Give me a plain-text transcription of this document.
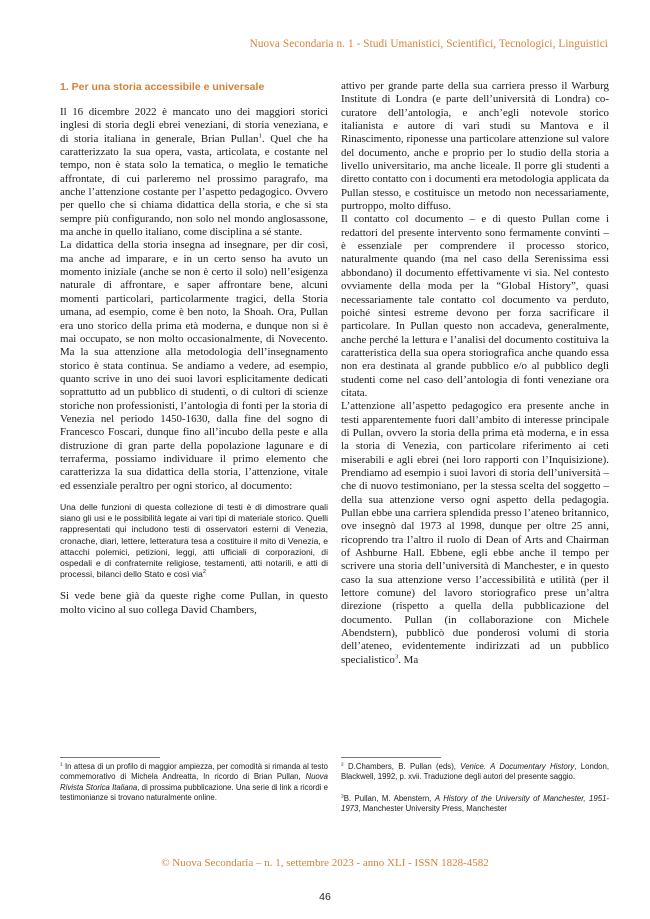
Nuova Secondaria n. 1 - Studi Umanistici, Scientifici, Tecnologici, Linguistici
1. Per una storia accessibile e universale

Il 16 dicembre 2022 è mancato uno dei maggiori storici inglesi di storia degli ebrei veneziani, di storia veneziana, e di storia italiana in generale, Brian Pullan$^1$. Quel che ha caratterizzato la sua opera, vasta, articolata, e costante nel tempo, non è stata solo la tematica, o meglio le tematiche affrontate, di cui parleremo nel prossimo paragrafo, ma anche l’attenzione costante per l’aspetto pedagogico. Ovvero per quello che si chiama didattica della storia, e che si sta sempre più configurando, non solo nel mondo anglosassone, ma anche in quello italiano, come disciplina a sé stante.

La didattica della storia insegna ad insegnare, per dir così, ma anche ad imparare, e in un certo senso ha avuto un momento iniziale (anche se non è certo il solo) nell’esigenza naturale di affrontare, e saper affrontare bene, alcuni momenti particolari, particolarmente tragici, della Storia umana, ad esempio, come è ben noto, la Shoah. Ora, Pullan era uno storico della prima età moderna, e dunque non si è mai occupato, se non molto occasionalmente, di Novecento. Ma la sua attenzione alla metodologia dell’insegnamento storico è stata continua. Se andiamo a vedere, ad esempio, quanto scrive in uno dei suoi lavori esplicitamente dedicati soprattutto ad un pubblico di studenti, o di cultori di scienze storiche non professionisti, l’antologia di fonti per la storia di Venezia nel periodo 1450-1630, dalla fine del sogno di Francesco Foscari, dunque fino all’incubo della peste e alla distruzione di gran parte della popolazione lagunare e di terraferma, possiamo individuare il primo elemento che caratterizza la sua didattica della storia, l’attenzione, vitale ed essenziale peraltro per ogni storico, al documento:

Una delle funzioni di questa collezione di testi è di dimostrare quali siano gli usi e le possibilità legate ai vari tipi di materiale storico. Quelli rappresentati qui includono testi di osservatori esterni di Venezia, cronache, diari, lettere, letteratura tesa a costituire il mito di Venezia, e attacchi polemici, petizioni, leggi, atti ufficiali di corporazioni, di ospedali e di confraternite religiose, testamenti, atti notarili, e atti di processi, bilanci dello Stato e così via$^2$

Si vede bene già da queste righe come Pullan, in questo molto vicino al suo collega David Chambers,

attivo per grande parte della sua carriera presso il Warburg Institute di Londra (e parte dell’università di Londra) co-curatore dell’antologia, e anch’egli notevole storico italianista e autore di vari studi su Mantova e il Rinascimento, riponesse una particolare attenzione sul valore del documento, anche e proprio per lo studio della storia a livello universitario, ma anche liceale. Il porre gli studenti a diretto contatto con i documenti era metodologia applicata da Pullan stesso, e costituisce un metodo non necessariamente, purtroppo, molto diffuso.

Il contatto col documento – e di questo Pullan come i redattori del presente intervento sono fermamente convinti – è essenziale per comprendere il processo storico, naturalmente quando (ma nel caso della Serenissima essi abbondano) il documento effettivamente vi sia. Nel contesto ovviamente della moda per la “Global History”, quasi necessariamente tale contatto col documento va perduto, poiché sintesi estreme devono per forza sacrificare il particolare. In Pullan questo non accadeva, generalmente, anche perché la lettura e l’analisi del documento costituiva la caratteristica della sua opera storiografica anche quando essa non era destinata al grande pubblico e/o al pubblico degli studenti come nel caso dell’antologia di fonti veneziane ora citata.

L’attenzione all’aspetto pedagogico era presente anche in testi apparentemente fuori dall’ambito di interesse principale di Pullan, ovvero la storia della prima età moderna, e in essa la storia di Venezia, con particolare riferimento ai ceti miserabili e agli ebrei (nei loro rapporti con l’Inquisizione). Prendiamo ad esempio i suoi lavori di storia dell’università – che di nuovo testimoniano, per la stessa scelta del soggetto – della sua attenzione verso ogni aspetto della pedagogia. Pullan ebbe una carriera splendida presso l’ateneo britannico, ove insegnò dal 1973 al 1998, dunque per oltre 25 anni, ricoprendo tra l’altro il ruolo di Dean of Arts and Chairman of Ashburne Hall. Ebbene, egli ebbe anche il tempo per scrivere una storia dell’università di Manchester, e in questo caso la sua attenzione verso l’accessibilità e utilità (per il lettore comune) del lavoro storiografico prese un’altra direzione (rispetto a quella della pubblicazione del documento. Pullan (in collaborazione con Michele Abendstern), pubblicò due ponderosi volumi di storia dell’ateneo, evidentemente indirizzati ad un pubblico specialistico$^3$. Ma

$^1$ In attesa di un profilo di maggior ampiezza, per comodità si rimanda al testo commemorativo di Michela Andreatta, In ricordo di Brian Pullan, Nuova Rivista Storica Italiana, di prossima pubblicazione. Una serie di link a ricordi e testimonianze si trovano naturalmente online.

$^2$ D.Chambers, B. Pullan (eds), Venice. A Documentary History, London, Blackwell, 1992, p. xvii. Traduzione degli autori del presente saggio.

$^3$B. Pullan, M. Abenstern, A History of the University of Manchester, 1951-1973, Manchester University Press, Manchester

© Nuova Secondaria – n. 1, settembre 2023 - anno XLI - ISSN 1828-4582
46
